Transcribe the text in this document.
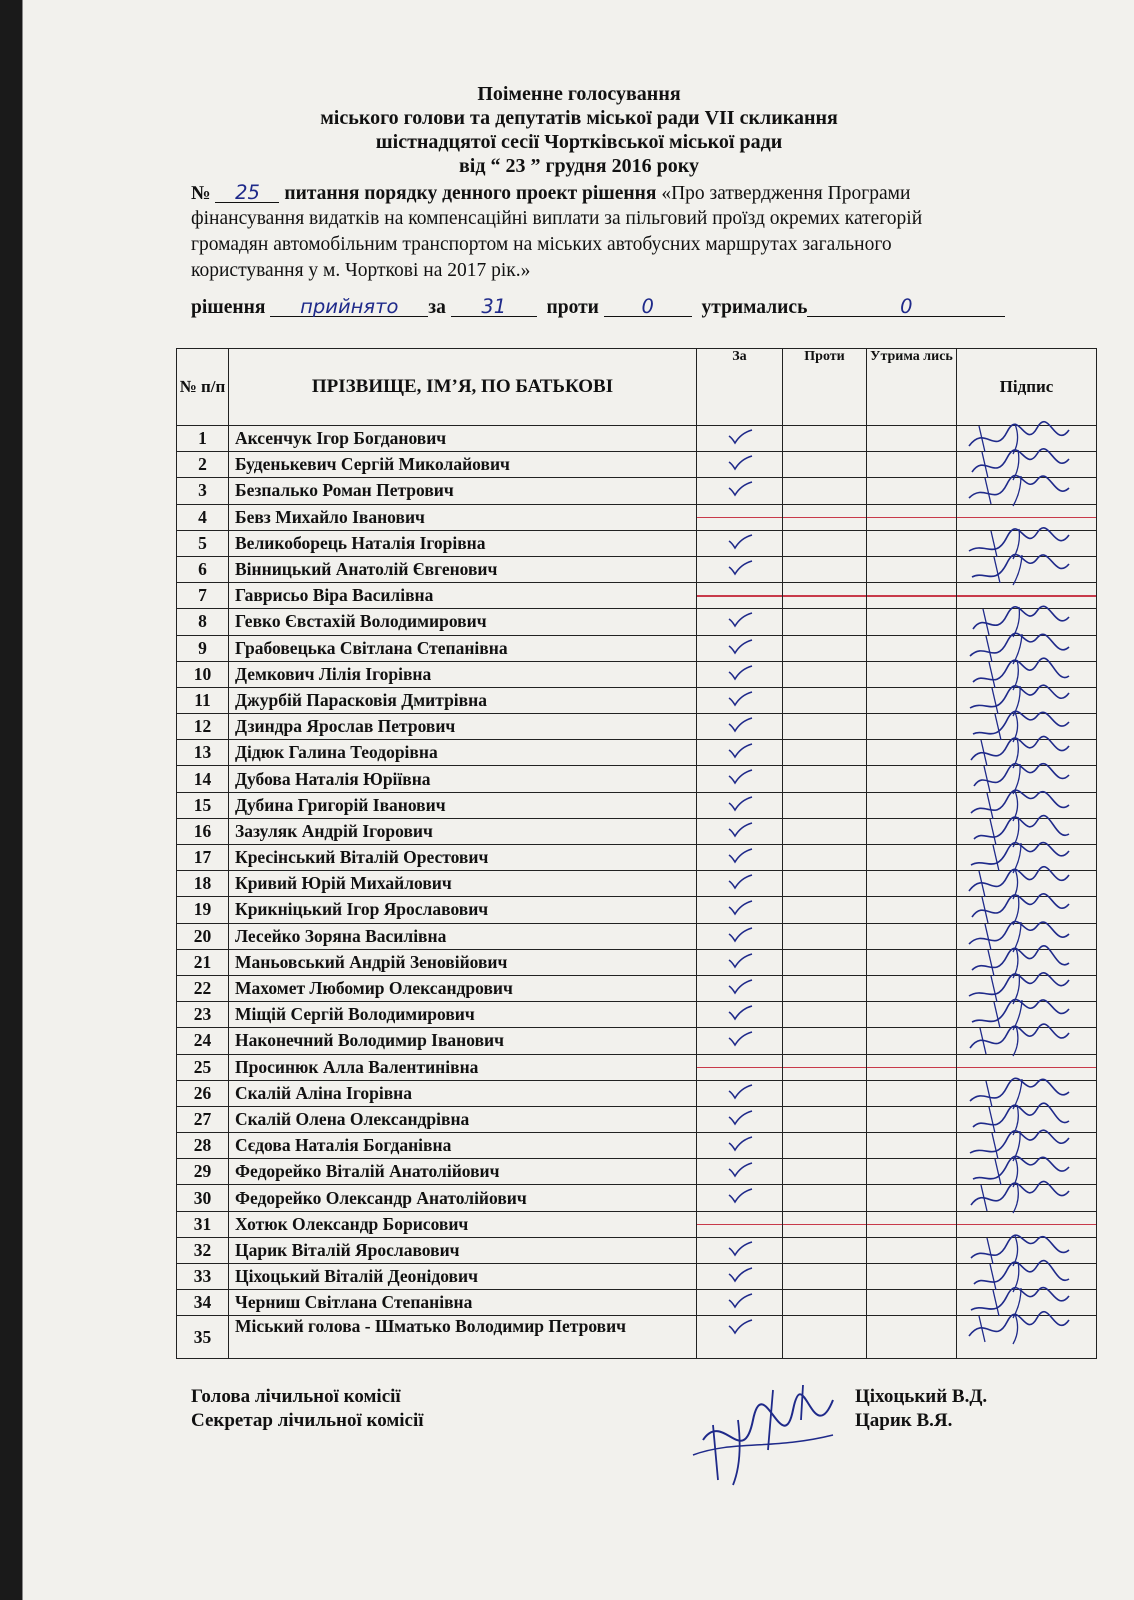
Поіменне голосування
міського голови та депутатів міської ради VII скликання
шістнадцятої сесії Чортківської міської ради
від “ 23 ” грудня 2016 року
№ 25 питання порядку денного проект рішення «Про затвердження Програми
фінансування видатків на компенсаційні виплати за пільговий проїзд окремих категорій
громадян автомобільним транспортом на міських автобусних маршрутах загального
користування у м. Чорткові на 2017 рік.»
рішення прийнято за 31 проти 0 утримались	0
№ п/п	ПРІЗВИЩЕ, ІМ’Я, ПО БАТЬКОВІ	За	Проти	Утрима лись	Підпис
1	Аксенчук Ігор Богданович	

2	Буденькевич Сергій Миколайович	

3	Безпалько Роман Петрович	

4	Бевз Михайло Іванович	

5	Великоборець Наталія Ігорівна	

6	Вінницький Анатолій Євгенович	

7	Гаврисьо Віра Василівна	

8	Гевко Євстахій Володимирович	

9	Грабовецька Світлана Степанівна	

10	Демкович Лілія Ігорівна	

11	Джурбій Парасковія Дмитрівна	

12	Дзиндра Ярослав Петрович	

13	Дідюк Галина Теодорівна	

14	Дубова Наталія Юріївна	

15	Дубина Григорій Іванович	

16	Зазуляк Андрій Ігорович	

17	Кресінський Віталій Орестович	

18	Кривий Юрій Михайлович	

19	Крикніцький Ігор Ярославович	

20	Лесейко Зоряна Василівна	

21	Маньовський Андрій Зеновійович	

22	Махомет Любомир Олександрович	

23	Міщій Сергій Володимирович	

24	Наконечний Володимир Іванович	

25	Просинюк Алла Валентинівна	

26	Скалій Аліна Ігорівна	

27	Скалій Олена Олександрівна	

28	Сєдова Наталія Богданівна	

29	Федорейко Віталій Анатолійович	

30	Федорейко Олександр Анатолійович	

31	Хотюк Олександр Борисович	

32	Царик Віталій Ярославович	

33	Ціхоцький Віталій Деонідович	

34	Черниш Світлана Степанівна	

35	Міський голова - Шматько Володимир Петрович	

Голова лічильної комісії	Ціхоцький В.Д.
Секретар лічильної комісії	Царик В.Я.
